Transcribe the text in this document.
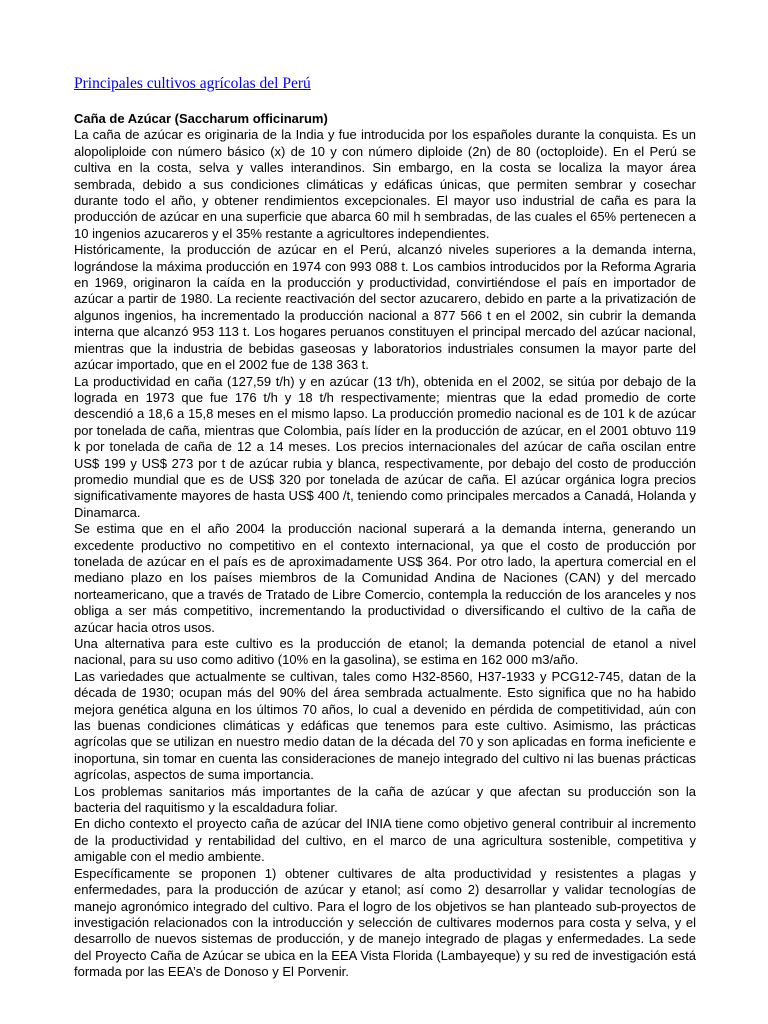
Principales cultivos agrícolas del Perú

Caña de Azúcar (Saccharum officinarum)

La caña de azúcar es originaria de la India y fue introducida por los españoles durante la conquista. Es un alopoliploide con número básico (x) de 10 y con número diploide (2n) de 80 (octoploide). En el Perú se cultiva en la costa, selva y valles interandinos. Sin embargo, en la costa se localiza la mayor área sembrada, debido a sus condiciones climáticas y edáficas únicas, que permiten sembrar y cosechar durante todo el año, y obtener rendimientos excepcionales. El mayor uso industrial de caña es para la producción de azúcar en una superficie que abarca 60 mil h sembradas, de las cuales el 65% pertenecen a 10 ingenios azucareros y el 35% restante a agricultores independientes.

Históricamente, la producción de azúcar en el Perú, alcanzó niveles superiores a la demanda interna, lográndose la máxima producción en 1974 con 993 088 t. Los cambios introducidos por la Reforma Agraria en 1969, originaron la caída en la producción y productividad, convirtiéndose el país en importador de azúcar a partir de 1980. La reciente reactivación del sector azucarero, debido en parte a la privatización de algunos ingenios, ha incrementado la producción nacional a 877 566 t en el 2002, sin cubrir la demanda interna que alcanzó 953 113 t. Los hogares peruanos constituyen el principal mercado del azúcar nacional, mientras que la industria de bebidas gaseosas y laboratorios industriales consumen la mayor parte del azúcar importado, que en el 2002 fue de 138 363 t.

La productividad en caña (127,59 t/h) y en azúcar (13 t/h), obtenida en el 2002, se sitúa por debajo de la lograda en 1973 que fue 176 t/h y 18 t/h respectivamente; mientras que la edad promedio de corte descendió a 18,6 a 15,8 meses en el mismo lapso. La producción promedio nacional es de 101 k de azúcar por tonelada de caña, mientras que Colombia, país líder en la producción de azúcar, en el 2001 obtuvo 119 k por tonelada de caña de 12 a 14 meses. Los precios internacionales del azúcar de caña oscilan entre US$ 199 y US$ 273 por t de azúcar rubia y blanca, respectivamente, por debajo del costo de producción promedio mundial que es de US$ 320 por tonelada de azúcar de caña. El azúcar orgánica logra precios significativamente mayores de hasta US$ 400 /t, teniendo como principales mercados a Canadá, Holanda y Dinamarca.

Se estima que en el año 2004 la producción nacional superará a la demanda interna, generando un excedente productivo no competitivo en el contexto internacional, ya que el costo de producción por tonelada de azúcar en el país es de aproximadamente US$ 364. Por otro lado, la apertura comercial en el mediano plazo en los países miembros de la Comunidad Andina de Naciones (CAN) y del mercado norteamericano, que a través de Tratado de Libre Comercio, contempla la reducción de los aranceles y nos obliga a ser más competitivo, incrementando la productividad o diversificando el cultivo de la caña de azúcar hacia otros usos.

Una alternativa para este cultivo es la producción de etanol; la demanda potencial de etanol a nivel nacional, para su uso como aditivo (10% en la gasolina), se estima en 162 000 m3/año.

Las variedades que actualmente se cultivan, tales como H32-8560, H37-1933 y PCG12-745, datan de la década de 1930; ocupan más del 90% del área sembrada actualmente. Esto significa que no ha habido mejora genética alguna en los últimos 70 años, lo cual a devenido en pérdida de competitividad, aún con las buenas condiciones climáticas y edáficas que tenemos para este cultivo. Asimismo, las prácticas agrícolas que se utilizan en nuestro medio datan de la década del 70 y son aplicadas en forma ineficiente e inoportuna, sin tomar en cuenta las consideraciones de manejo integrado del cultivo ni las buenas prácticas agrícolas, aspectos de suma importancia.

Los problemas sanitarios más importantes de la caña de azúcar y que afectan su producción son la bacteria del raquitismo y la escaldadura foliar.

En dicho contexto el proyecto caña de azúcar del INIA tiene como objetivo general contribuir al incremento de la productividad y rentabilidad del cultivo, en el marco de una agricultura sostenible, competitiva y amigable con el medio ambiente.

Específicamente se proponen 1) obtener cultivares de alta productividad y resistentes a plagas y enfermedades, para la producción de azúcar y etanol; así como 2) desarrollar y validar tecnologías de manejo agronómico integrado del cultivo. Para el logro de los objetivos se han planteado sub-proyectos de investigación relacionados con la introducción y selección de cultivares modernos para costa y selva, y el desarrollo de nuevos sistemas de producción, y de manejo integrado de plagas y enfermedades. La sede del Proyecto Caña de Azúcar se ubica en la EEA Vista Florida (Lambayeque) y su red de investigación está formada por las EEA’s de Donoso y El Porvenir.
